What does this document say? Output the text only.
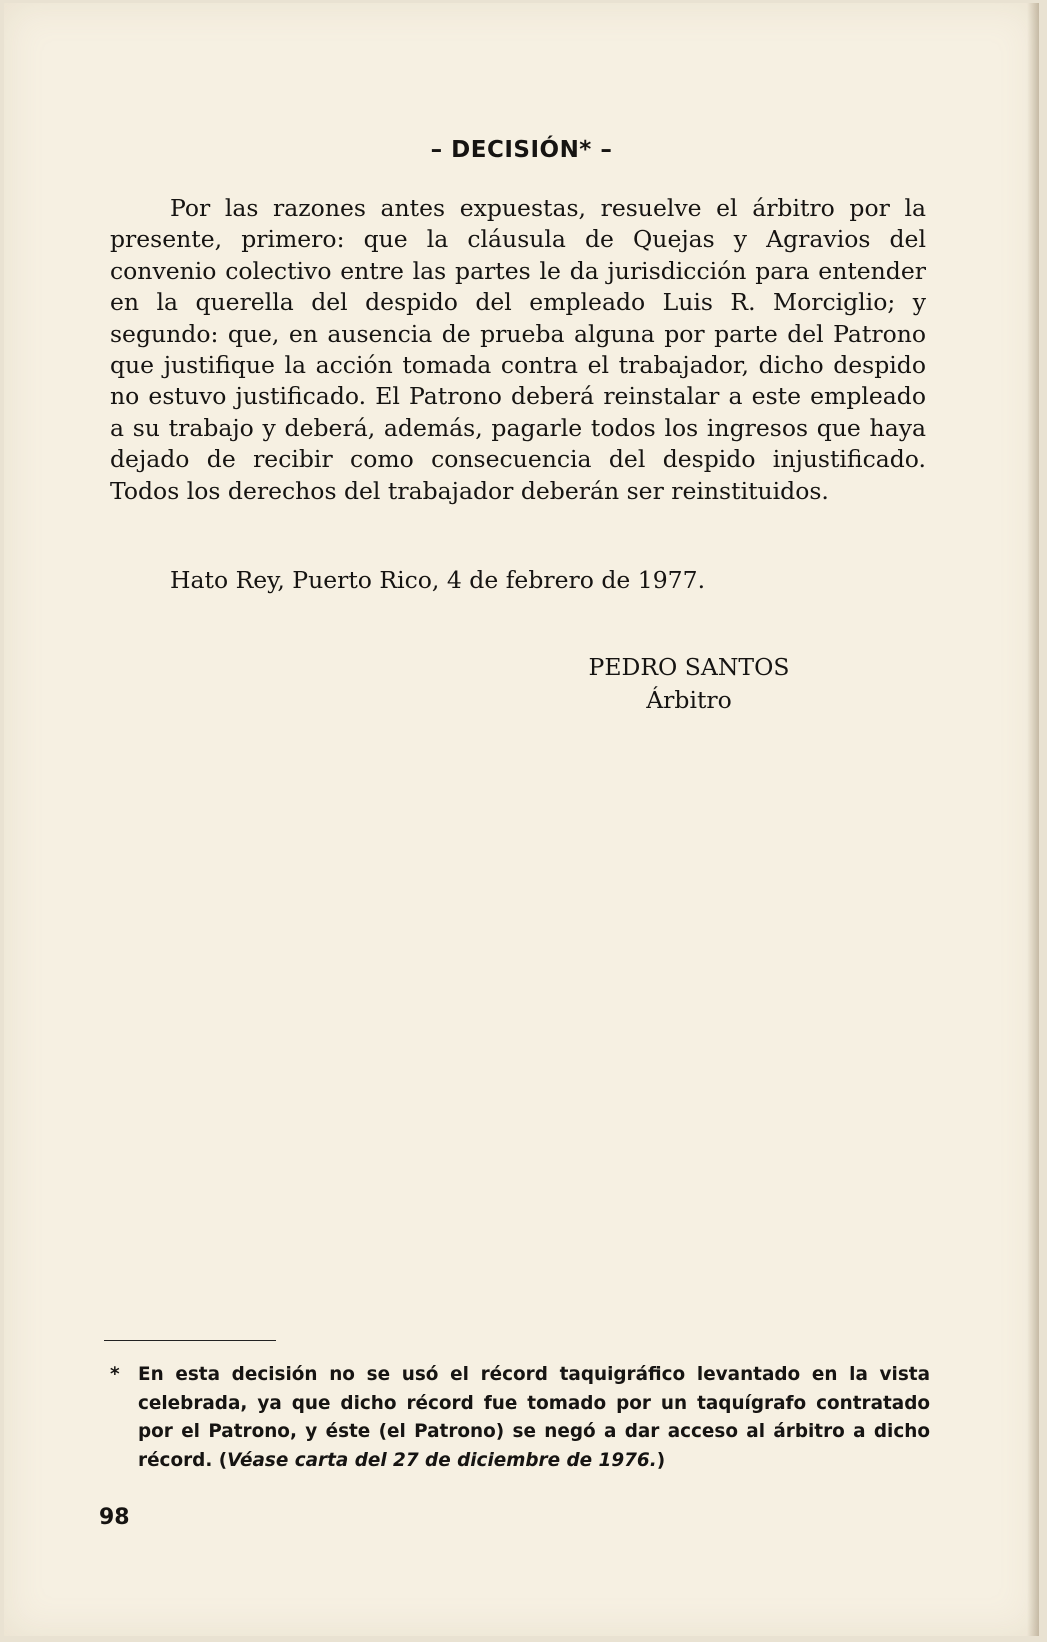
– DECISIÓN* –

Por las razones antes expuestas, resuelve el árbitro por la presente, primero: que la cláusula de Quejas y Agravios del convenio colectivo entre las partes le da jurisdicción para entender en la querella del despido del empleado Luis R. Morciglio; y segundo: que, en ausencia de prueba alguna por parte del Patrono que justifique la acción tomada contra el trabajador, dicho despido no estuvo justificado. El Patrono deberá reinstalar a este empleado a su trabajo y deberá, además, pagarle todos los ingresos que haya dejado de recibir como consecuencia del despido injustificado. Todos los derechos del trabajador deberán ser reinstituidos.

Hato Rey, Puerto Rico, 4 de febrero de 1977.
PEDRO SANTOS
Árbitro
* En esta decisión no se usó el récord taquigráfico levantado en la vista celebrada, ya que dicho récord fue tomado por un taquígrafo contratado por el Patrono, y éste (el Patrono) se negó a dar acceso al árbitro a dicho récord. (Véase carta del 27 de diciembre de 1976.)
98
